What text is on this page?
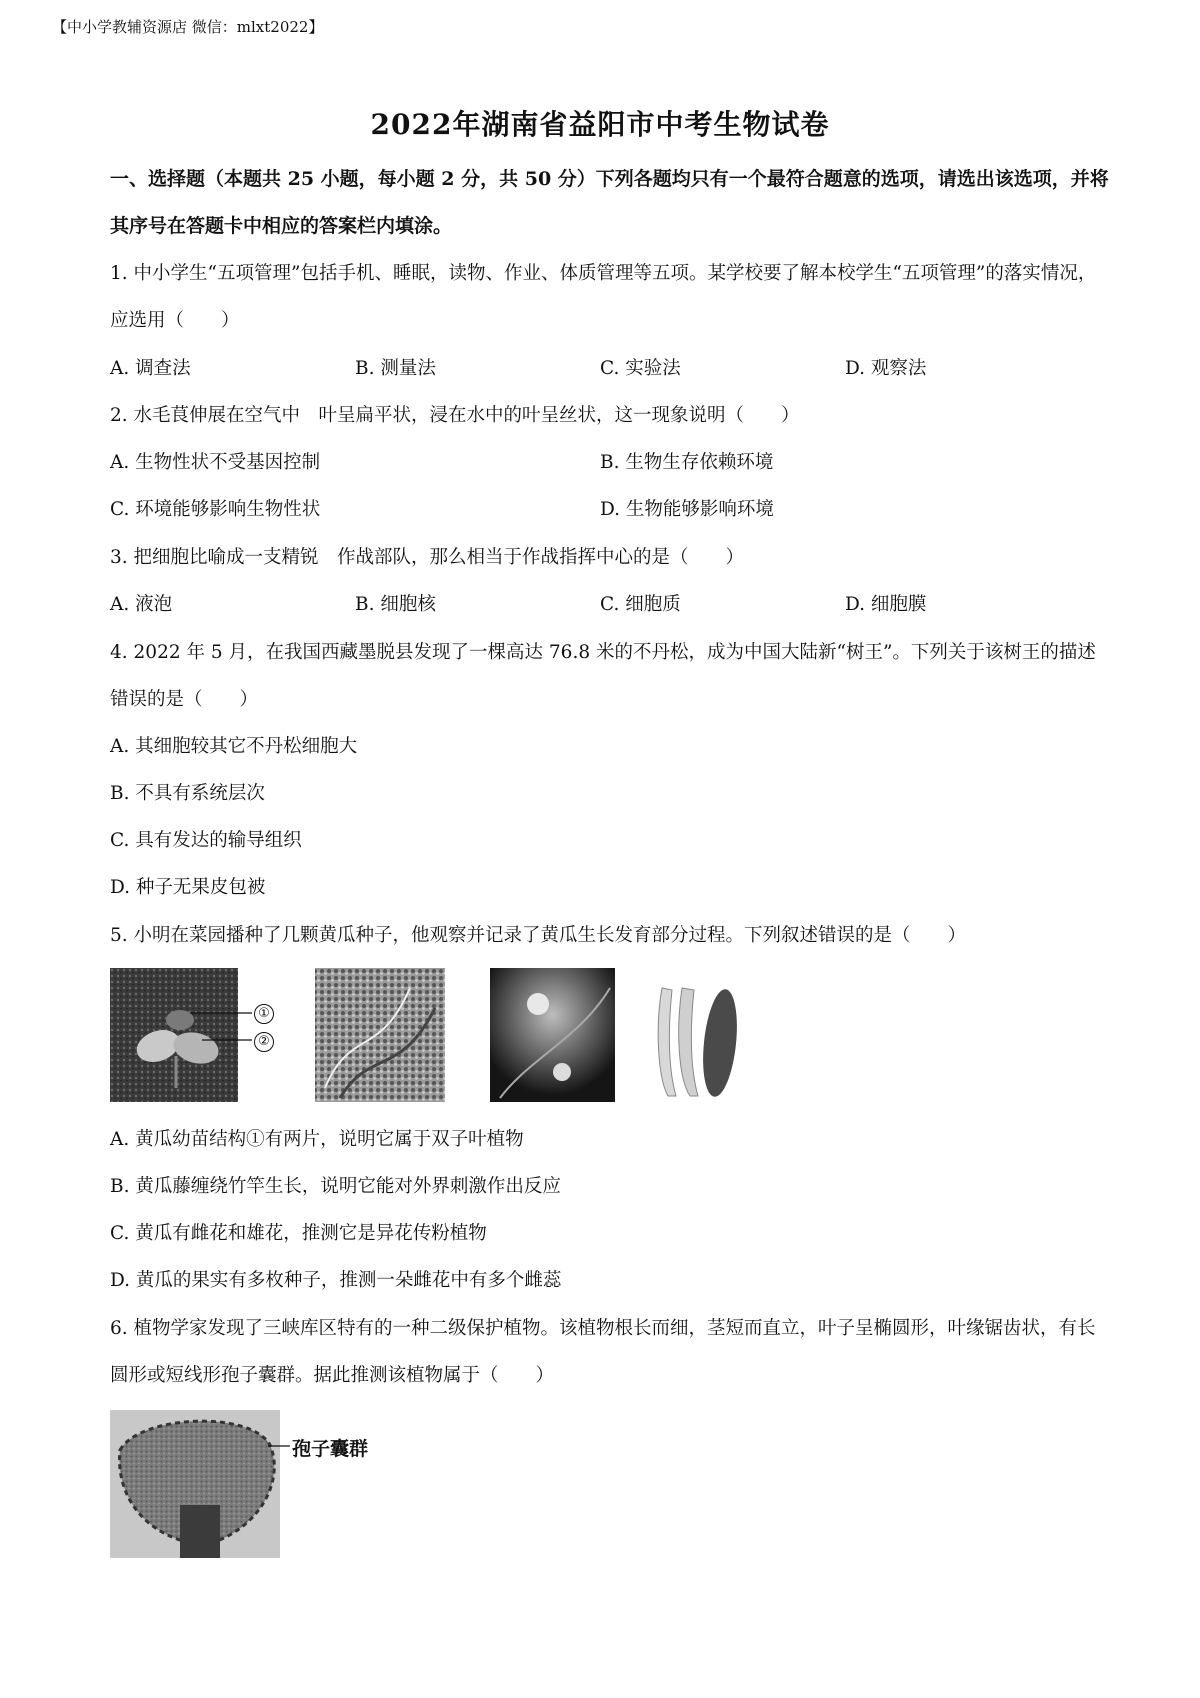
【中小学教辅资源店 微信：mlxt2022】
2022年湖南省益阳市中考生物试卷
一、选择题（本题共 25 小题，每小题 2 分，共 50 分）下列各题均只有一个最符合题意的选项，请选出该选项，并将其序号在答题卡中相应的答案栏内填涂。
1. 中小学生“五项管理”包括手机、睡眠，读物、作业、体质管理等五项。某学校要了解本校学生“五项管理”的落实情况，应选用（　　）
A. 调查法	B. 测量法	C. 实验法	D. 观察法
2. 水毛茛伸展在空气中　叶呈扁平状，浸在水中的叶呈丝状，这一现象说明（　　）
A. 生物性状不受基因控制	B. 生物生存依赖环境
C. 环境能够影响生物性状	D. 生物能够影响环境
3. 把细胞比喻成一支精锐　作战部队，那么相当于作战指挥中心的是（　　）
A. 液泡	B. 细胞核	C. 细胞质	D. 细胞膜
4. 2022 年 5 月，在我国西藏墨脱县发现了一棵高达 76.8 米的不丹松，成为中国大陆新“树王”。下列关于该树王的描述错误的是（　　）
A. 其细胞较其它不丹松细胞大
B. 不具有系统层次
C. 具有发达的输导组织
D. 种子无果皮包被
5. 小明在菜园播种了几颗黄瓜种子，他观察并记录了黄瓜生长发育部分过程。下列叙述错误的是（　　）
①
②
A. 黄瓜幼苗结构①有两片，说明它属于双子叶植物
B. 黄瓜藤缠绕竹竿生长，说明它能对外界刺激作出反应
C. 黄瓜有雌花和雄花，推测它是异花传粉植物
D. 黄瓜的果实有多枚种子，推测一朵雌花中有多个雌蕊
6. 植物学家发现了三峡库区特有的一种二级保护植物。该植物根长而细，茎短而直立，叶子呈椭圆形，叶缘锯齿状，有长圆形或短线形孢子囊群。据此推测该植物属于（　　）
孢子囊群
